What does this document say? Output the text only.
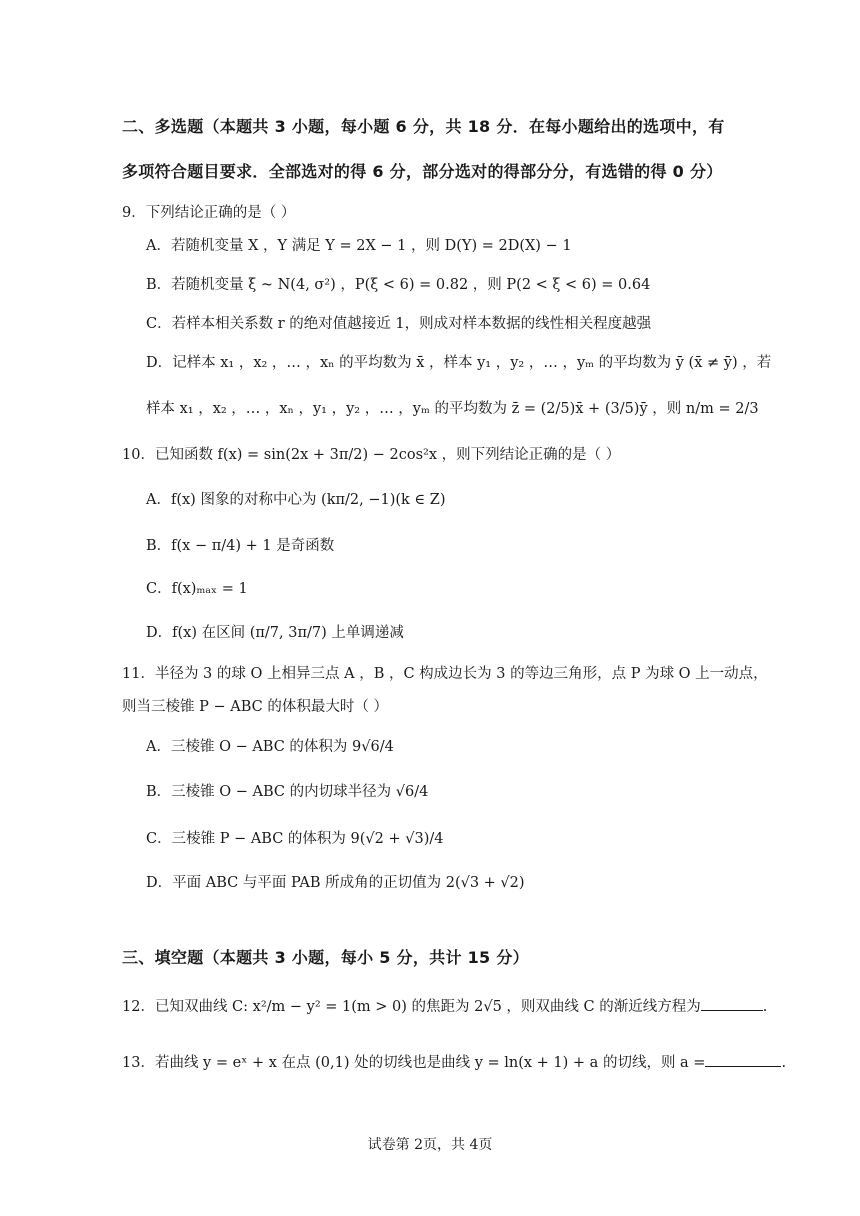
二、多选题（本题共 3 小题，每小题 6 分，共 18 分．在每小题给出的选项中，有
多项符合题目要求．全部选对的得 6 分，部分选对的得部分分，有选错的得 0 分）
9．下列结论正确的是（ ）
A．若随机变量 X ，Y 满足 Y = 2X − 1 ，则 D(Y) = 2D(X) − 1
B．若随机变量 ξ ~ N(4, σ²) ，P(ξ < 6) = 0.82 ，则 P(2 < ξ < 6) = 0.64
C．若样本相关系数 r 的绝对值越接近 1，则成对样本数据的线性相关程度越强
D．记样本 x₁ ，x₂ ，… ，xₙ 的平均数为 x̄ ，样本 y₁ ，y₂ ，… ，yₘ 的平均数为 ȳ (x̄ ≠ ȳ) ，若
样本 x₁ ，x₂ ，… ，xₙ ，y₁ ，y₂ ，… ，yₘ 的平均数为 z̄ = (2/5)x̄ + (3/5)ȳ ，则 n/m = 2/3
10．已知函数 f(x) = sin(2x + 3π/2) − 2cos²x ，则下列结论正确的是（ ）
A．f(x) 图象的对称中心为 (kπ/2, −1)(k ∈ Z)
B．f(x − π/4) + 1 是奇函数
C．f(x)ₘₐₓ = 1
D．f(x) 在区间 (π/7, 3π/7) 上单调递减
11．半径为 3 的球 O 上相异三点 A ，B ，C 构成边长为 3 的等边三角形，点 P 为球 O 上一动点，
则当三棱锥 P − ABC 的体积最大时（ ）
A．三棱锥 O − ABC 的体积为 9√6/4
B．三棱锥 O − ABC 的内切球半径为 √6/4
C．三棱锥 P − ABC 的体积为 9(√2 + √3)/4
D．平面 ABC 与平面 PAB 所成角的正切值为 2(√3 + √2)
三、填空题（本题共 3 小题，每小 5 分，共计 15 分）
12．已知双曲线 C: x²/m − y² = 1(m > 0) 的焦距为 2√5 ，则双曲线 C 的渐近线方程为	.
13．若曲线 y = eˣ + x 在点 (0,1) 处的切线也是曲线 y = ln(x + 1) + a 的切线，则 a =	.
试卷第 2页，共 4页
